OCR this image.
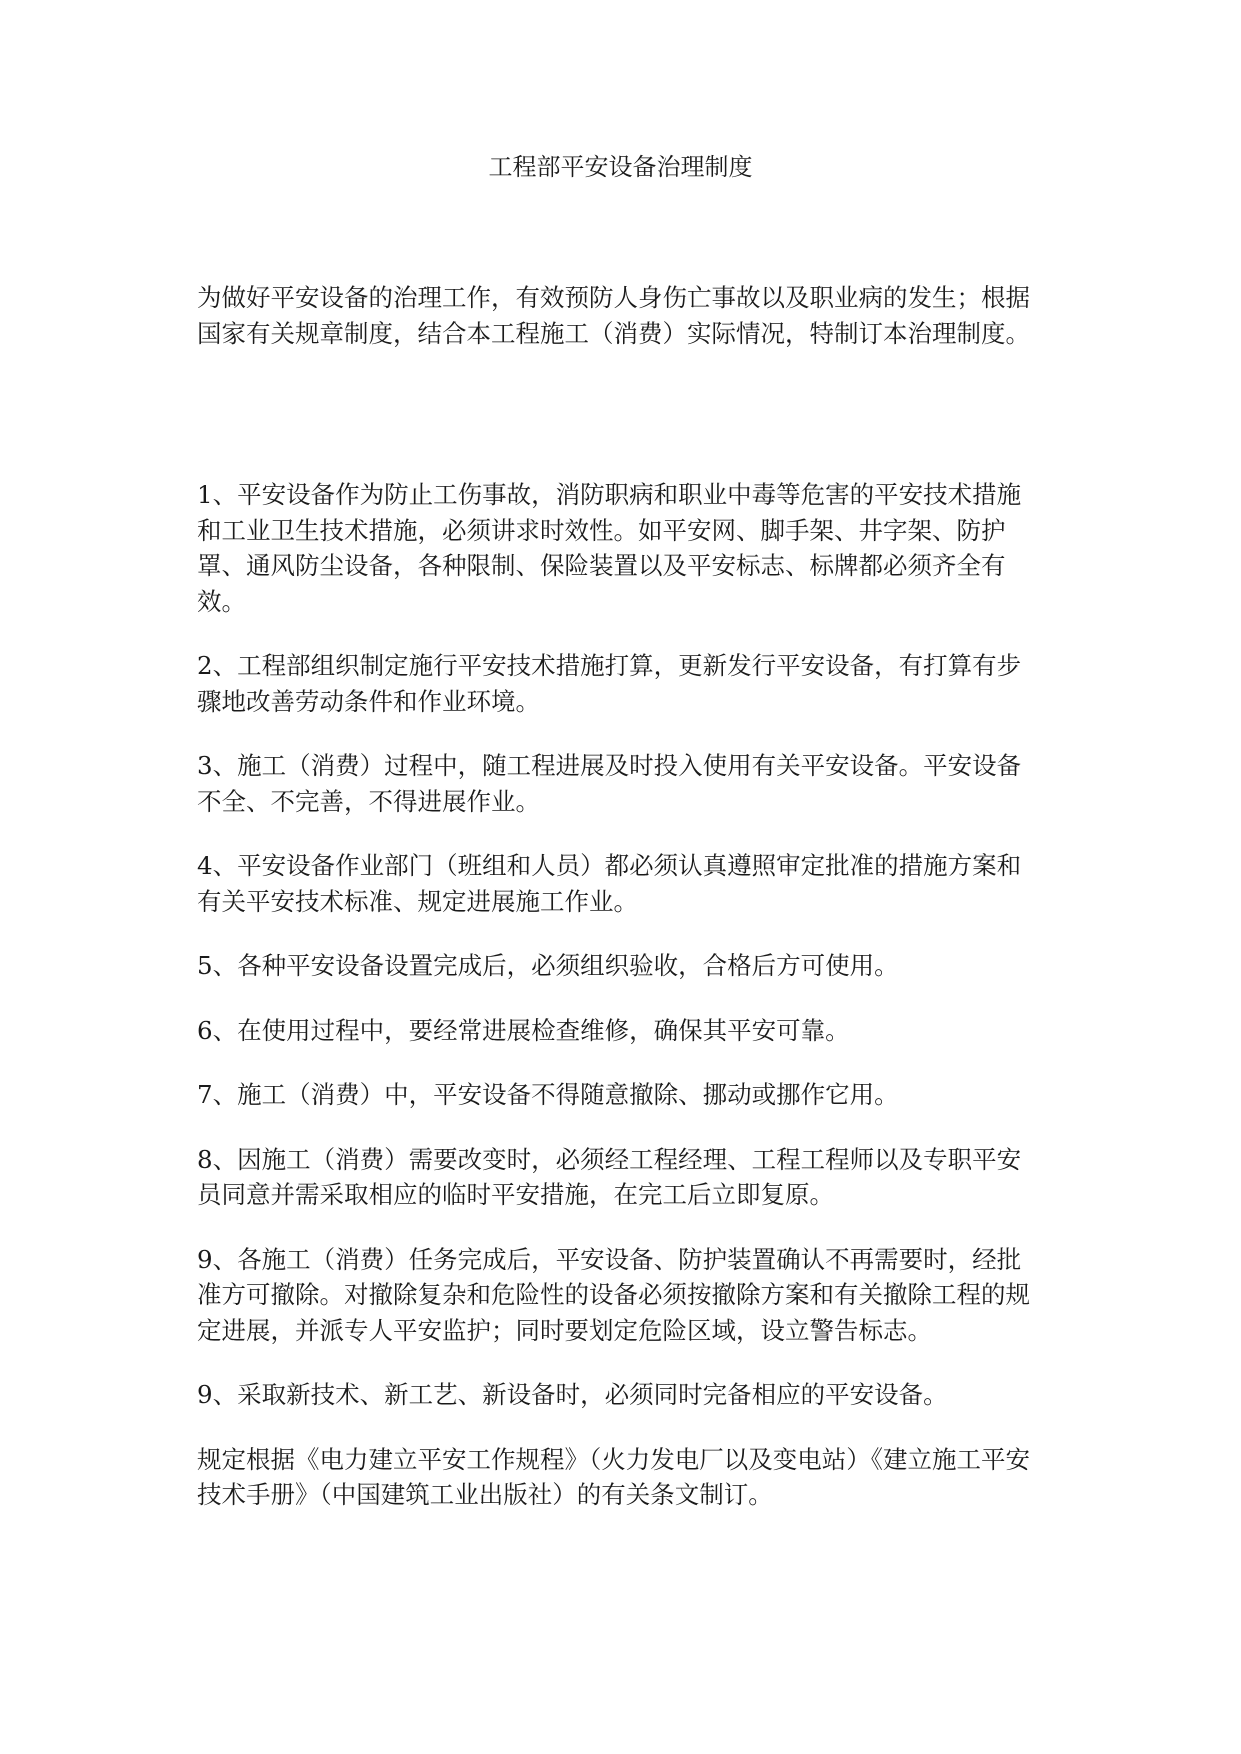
工程部平安设备治理制度

为做好平安设备的治理工作，有效预防人身伤亡事故以及职业病的发生；根据国家有关规章制度，结合本工程施工（消费）实际情况，特制订本治理制度。

1、平安设备作为防止工伤事故，消防职病和职业中毒等危害的平安技术措施和工业卫生技术措施，必须讲求时效性。如平安网、脚手架、井字架、防护罩、通风防尘设备，各种限制、保险装置以及平安标志、标牌都必须齐全有效。

2、工程部组织制定施行平安技术措施打算，更新发行平安设备，有打算有步骤地改善劳动条件和作业环境。

3、施工（消费）过程中，随工程进展及时投入使用有关平安设备。平安设备不全、不完善，不得进展作业。

4、平安设备作业部门（班组和人员）都必须认真遵照审定批准的措施方案和有关平安技术标准、规定进展施工作业。

5、各种平安设备设置完成后，必须组织验收，合格后方可使用。

6、在使用过程中，要经常进展检查维修，确保其平安可靠。

7、施工（消费）中，平安设备不得随意撤除、挪动或挪作它用。

8、因施工（消费）需要改变时，必须经工程经理、工程工程师以及专职平安员同意并需采取相应的临时平安措施，在完工后立即复原。

9、各施工（消费）任务完成后，平安设备、防护装置确认不再需要时，经批准方可撤除。对撤除复杂和危险性的设备必须按撤除方案和有关撤除工程的规定进展，并派专人平安监护；同时要划定危险区域，设立警告标志。

9、采取新技术、新工艺、新设备时，必须同时完备相应的平安设备。

规定根据《电力建立平安工作规程》（火力发电厂以及变电站）《建立施工平安技术手册》（中国建筑工业出版社）的有关条文制订。
